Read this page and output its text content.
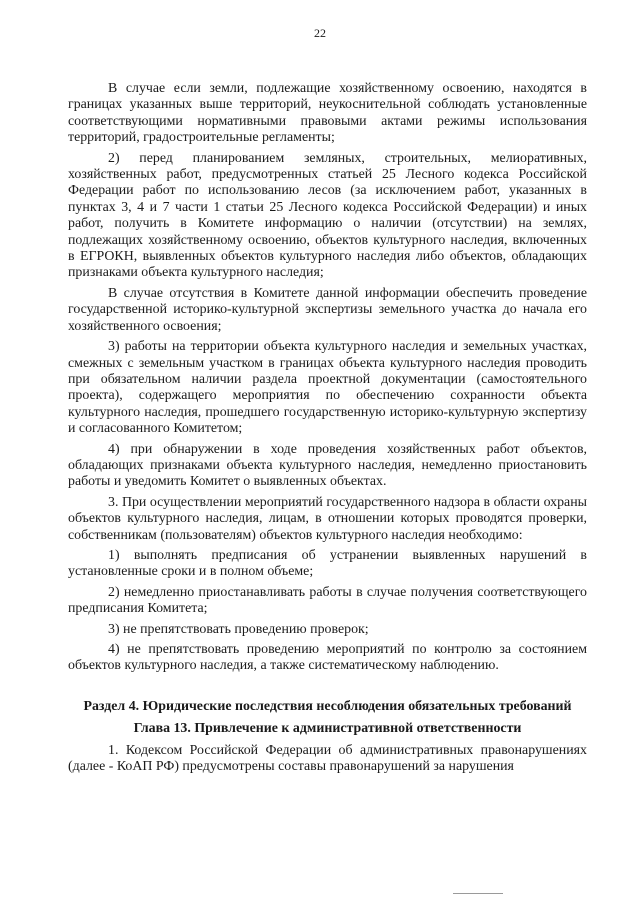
22

В случае если земли, подлежащие хозяйственному освоению, находятся в границах указанных выше территорий, неукоснительной соблюдать установленные соответствующими нормативными правовыми актами режимы использования территорий, градостроительные регламенты;

2) перед планированием земляных, строительных, мелиоративных, хозяйственных работ, предусмотренных статьей 25 Лесного кодекса Российской Федерации работ по использованию лесов (за исключением работ, указанных в пунктах 3, 4 и 7 части 1 статьи 25 Лесного кодекса Российской Федерации) и иных работ, получить в Комитете информацию о наличии (отсутствии) на землях, подлежащих хозяйственному освоению, объектов культурного наследия, включенных в ЕГРОКН, выявленных объектов культурного наследия либо объектов, обладающих признаками объекта культурного наследия;

В случае отсутствия в Комитете данной информации обеспечить проведение государственной историко-культурной экспертизы земельного участка до начала его хозяйственного освоения;

3) работы на территории объекта культурного наследия и земельных участках, смежных с земельным участком в границах объекта культурного наследия проводить при обязательном наличии раздела проектной документации (самостоятельного проекта), содержащего мероприятия по обеспечению сохранности объекта культурного наследия, прошедшего государственную историко-культурную экспертизу и согласованного Комитетом;

4) при обнаружении в ходе проведения хозяйственных работ объектов, обладающих признаками объекта культурного наследия, немедленно приостановить работы и уведомить Комитет о выявленных объектах.

3. При осуществлении мероприятий государственного надзора в области охраны объектов культурного наследия, лицам, в отношении которых проводятся проверки, собственникам (пользователям) объектов культурного наследия необходимо:

1) выполнять предписания об устранении выявленных нарушений в установленные сроки и в полном объеме;

2) немедленно приостанавливать работы в случае получения соответствующего предписания Комитета;

3) не препятствовать проведению проверок;

4) не препятствовать проведению мероприятий по контролю за состоянием объектов культурного наследия, а также систематическому наблюдению.

Раздел 4. Юридические последствия несоблюдения обязательных требований

Глава 13. Привлечение к административной ответственности

1. Кодексом Российской Федерации об административных правонарушениях (далее - КоАП РФ) предусмотрены составы правонарушений за нарушения
